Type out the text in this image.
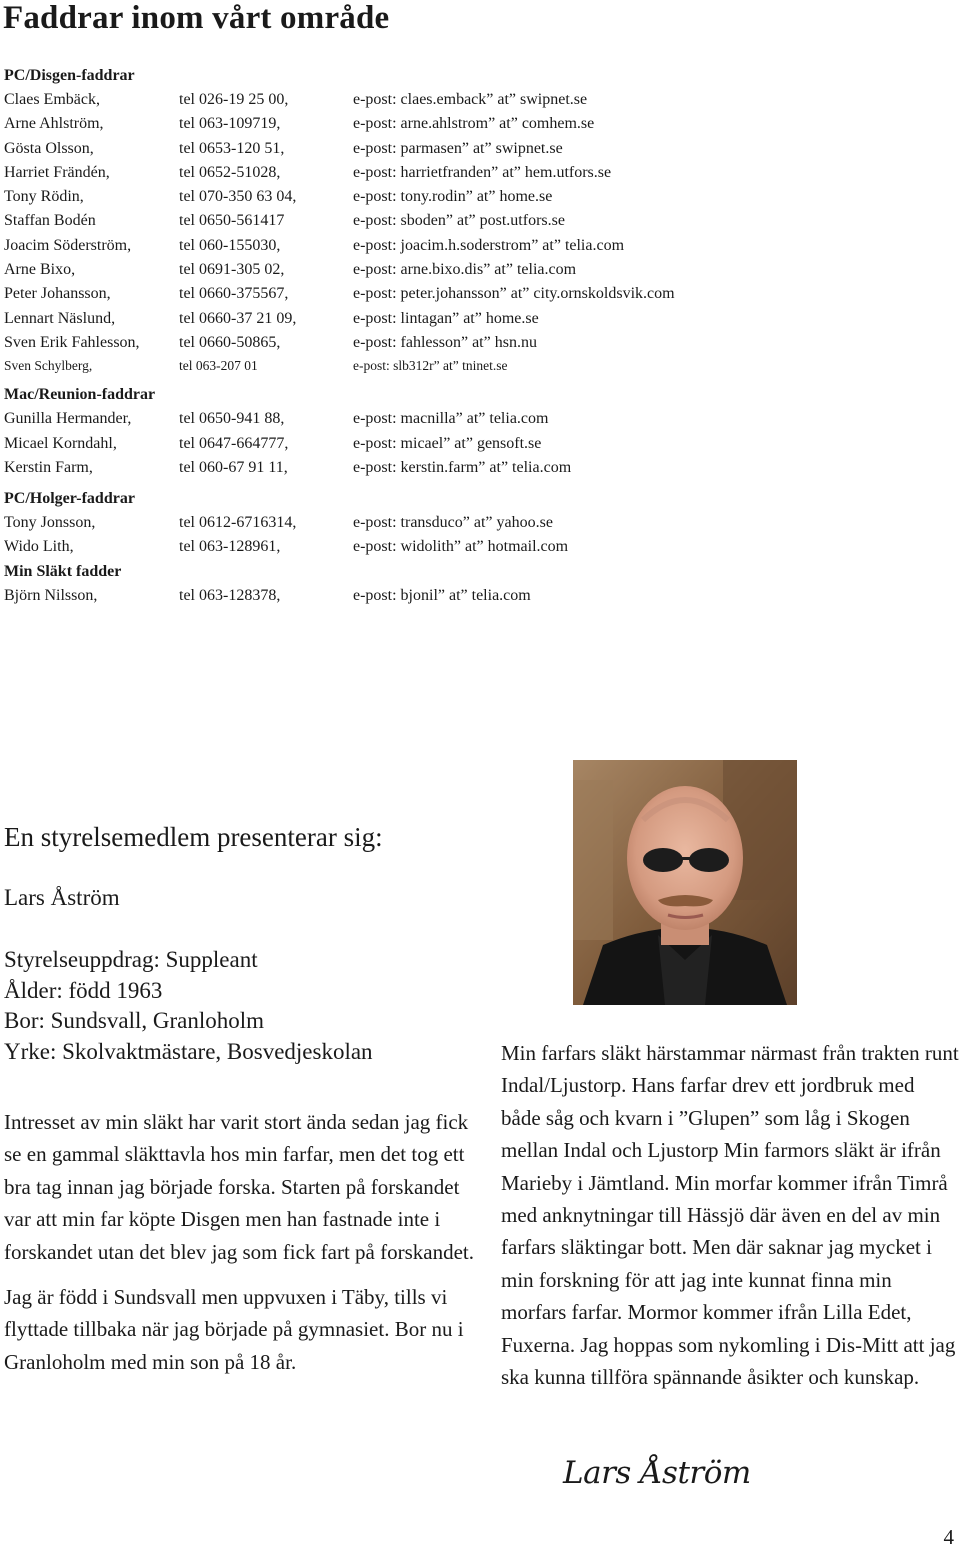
Faddrar inom vårt område
PC/Disgen-faddrar
Claes Embäck,	tel 026-19 25 00,	e-post: claes.emback” at” swipnet.se
Arne Ahlström,	tel 063-109719,	e-post: arne.ahlstrom” at” comhem.se
Gösta Olsson,	tel 0653-120 51,	e-post: parmasen” at” swipnet.se
Harriet Frändén,	tel 0652-51028,	e-post: harrietfranden” at” hem.utfors.se
Tony Rödin,	tel 070-350 63 04,	e-post: tony.rodin” at” home.se
Staffan Bodén	tel 0650-561417	e-post: sboden” at” post.utfors.se
Joacim Söderström,	tel 060-155030,	e-post: joacim.h.soderstrom” at” telia.com
Arne Bixo,	tel 0691-305 02,	e-post: arne.bixo.dis” at” telia.com
Peter Johansson,	tel 0660-375567,	e-post: peter.johansson” at” city.ornskoldsvik.com
Lennart Näslund,	tel 0660-37 21 09,	e-post: lintagan” at” home.se
Sven Erik Fahlesson, tel 0660-50865,	e-post: fahlesson” at” hsn.nu
Sven Schylberg,	tel 063-207 01	e-post: slb312r” at” tninet.se
Mac/Reunion-faddrar
Gunilla Hermander,	tel 0650-941 88,	e-post: macnilla” at” telia.com
Micael Korndahl,	tel 0647-664777,	e-post: micael” at” gensoft.se
Kerstin Farm,	tel 060-67 91 11,	e-post: kerstin.farm” at” telia.com
PC/Holger-faddrar
Tony Jonsson,	tel 0612-6716314,	e-post: transduco” at” yahoo.se
Wido Lith,	tel 063-128961,	e-post: widolith” at” hotmail.com
Min Släkt fadder
Björn Nilsson,	tel 063-128378,	e-post: bjonil” at” telia.com
En styrelsemedlem presenterar sig:
Lars Åström
Styrelseuppdrag: Suppleant
Ålder: född 1963
Bor: Sundsvall, Granloholm
Yrke: Skolvaktmästare, Bosvedjeskolan

Intresset av min släkt har varit stort ända sedan jag fick se en gammal släkttavla hos min farfar, men det tog ett bra tag innan jag började forska. Starten på forskandet var att min far köpte Disgen men han fastnade inte i forskandet utan det blev jag som fick fart på forskandet.

Jag är född i Sundsvall men uppvuxen i Täby, tills vi flyttade tillbaka när jag började på gymnasiet. Bor nu i Granloholm med min son på 18 år.

Min farfars släkt härstammar närmast från trakten runt Indal/Ljustorp. Hans farfar drev ett jordbruk med både såg och kvarn i ”Glupen” som låg i Skogen mellan Indal och Ljustorp Min farmors släkt är ifrån Marieby i Jämtland. Min morfar kommer ifrån Timrå med anknytningar till Hässjö där även en del av min farfars släktingar bott. Men där saknar jag mycket i min forskning för att jag inte kunnat finna min morfars farfar. Mormor kommer ifrån Lilla Edet, Fuxerna. Jag hoppas som nykomling i Dis-Mitt att jag ska kunna tillföra spännande åsikter och kunskap.

Lars Åström
4
